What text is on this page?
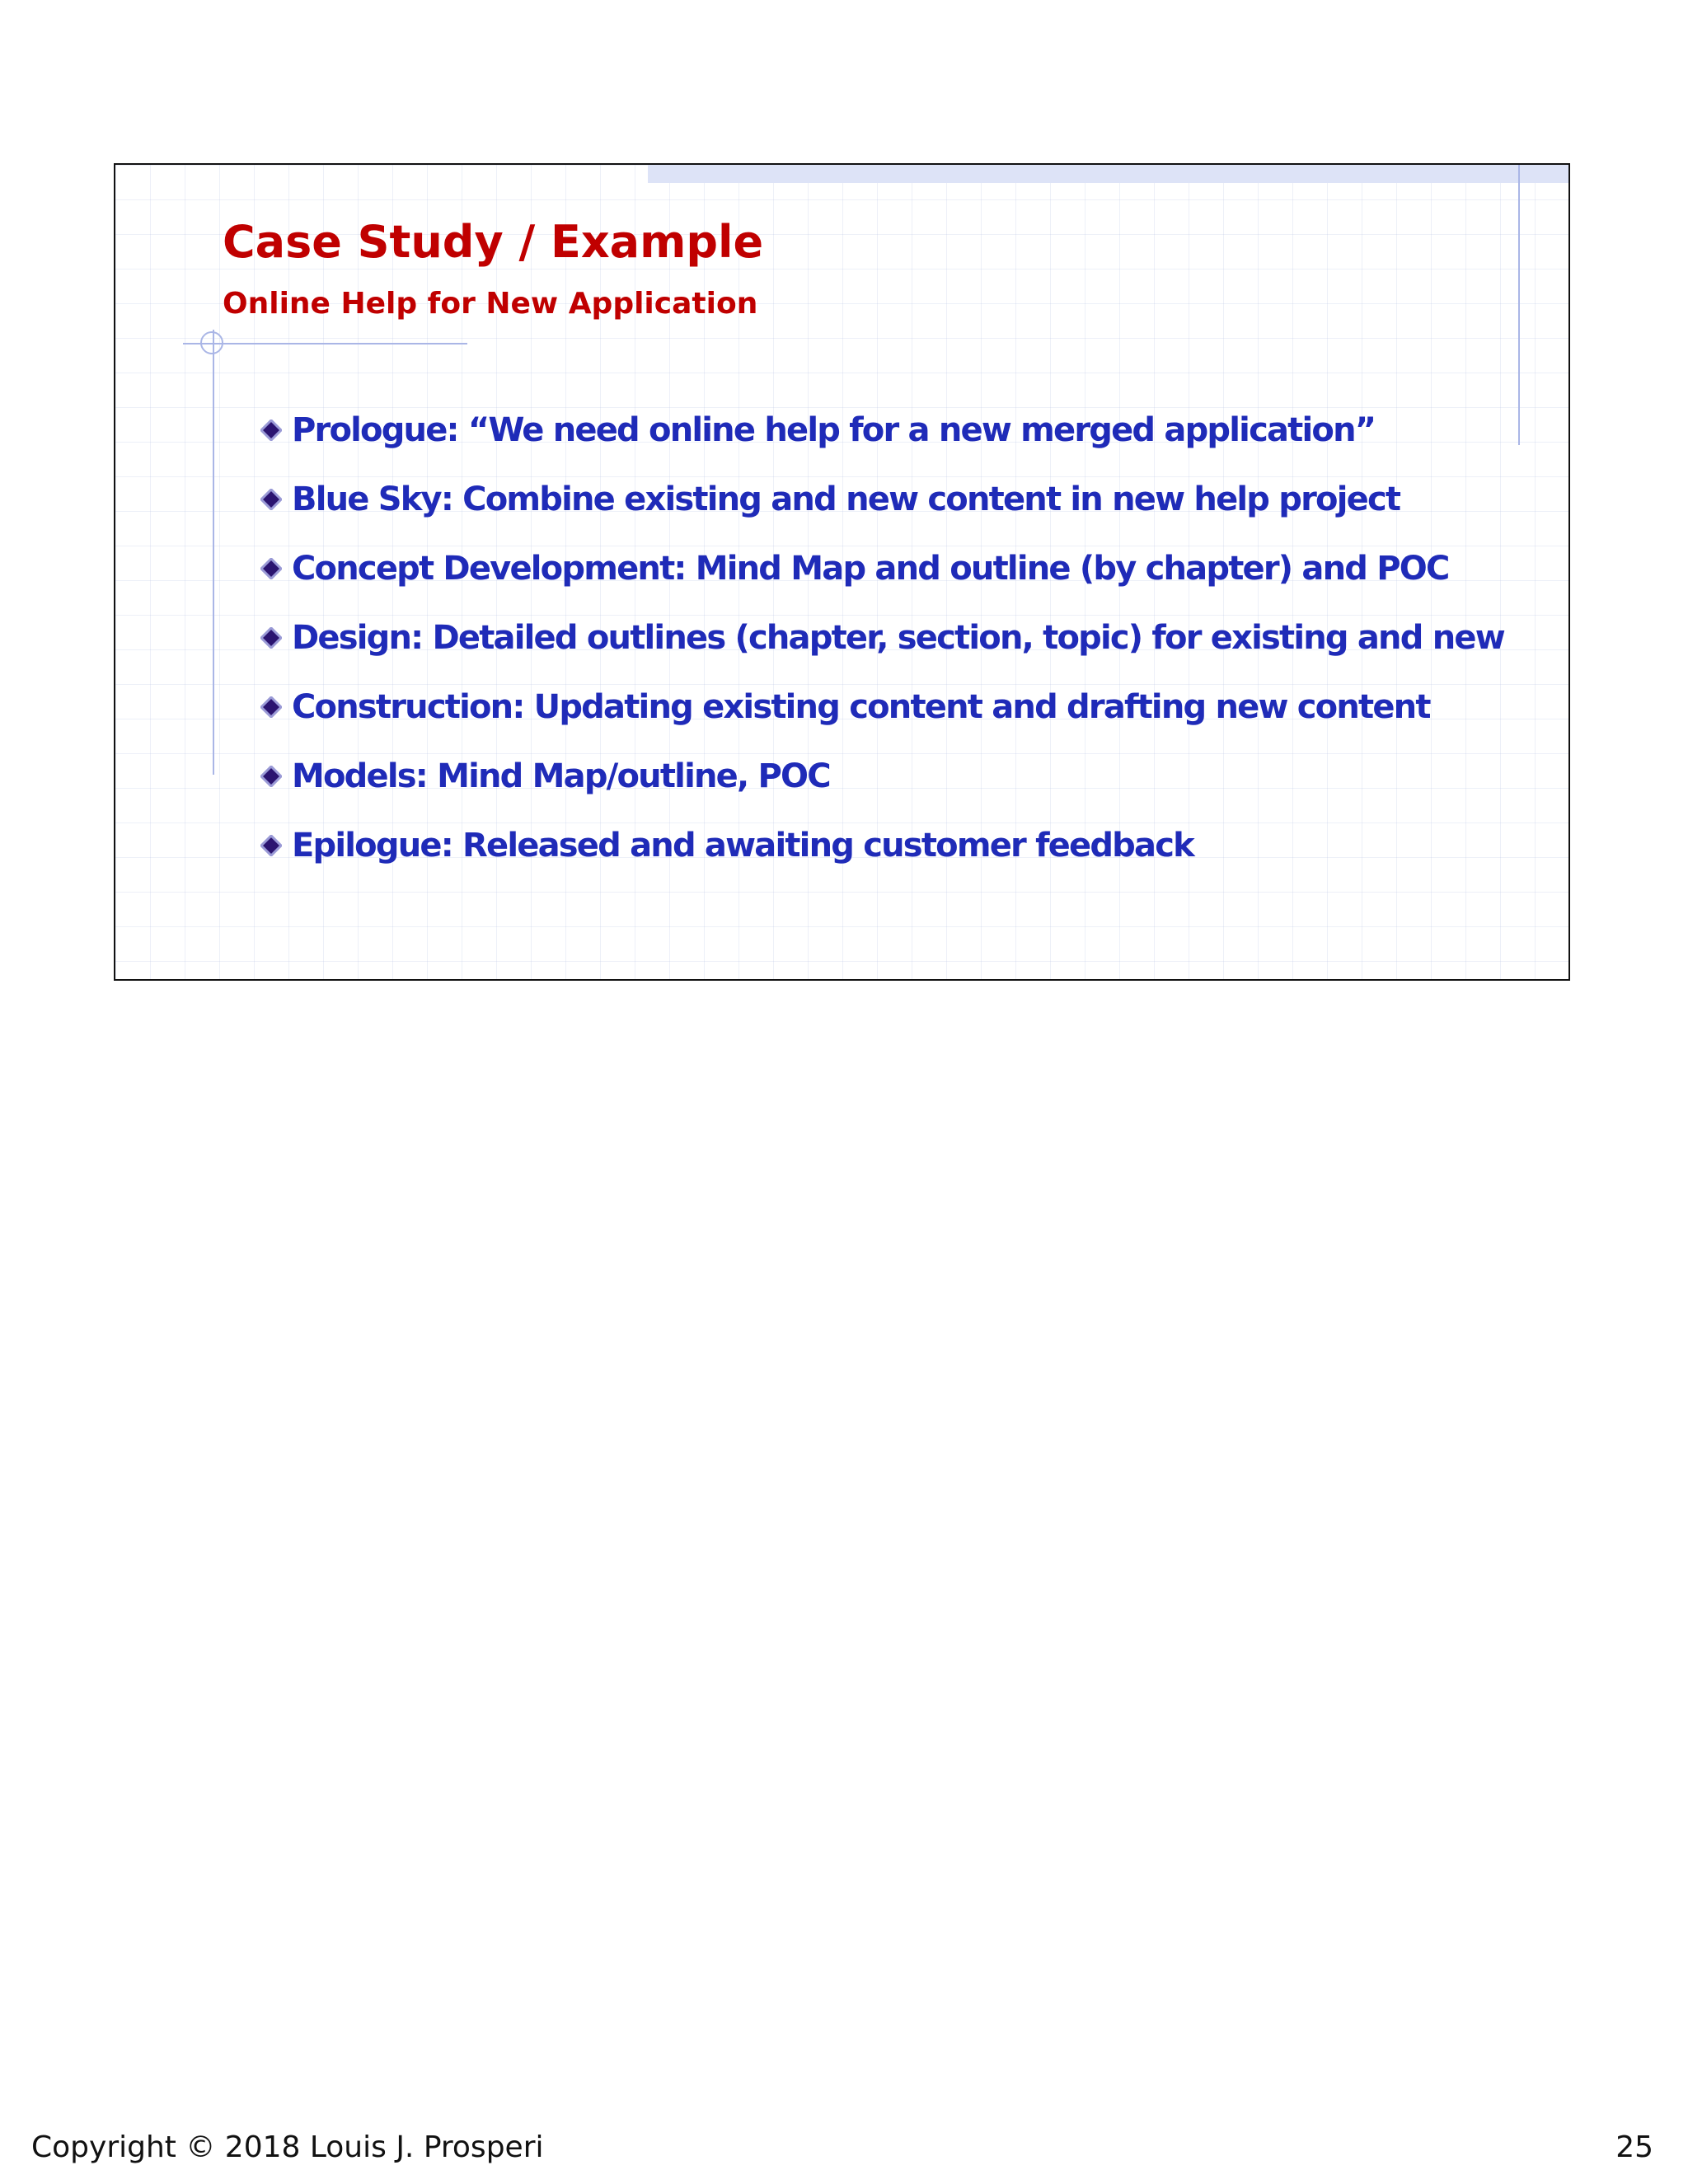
Case Study / Example
Online Help for New Application
Prologue: “We need online help for a new merged application”
Blue Sky: Combine existing and new content in new help project
Concept Development: Mind Map and outline (by chapter) and POC
Design: Detailed outlines (chapter, section, topic) for existing and new
Construction: Updating existing content and drafting new content
Models: Mind Map/outline, POC
Epilogue: Released and awaiting customer feedback
Copyright © 2018 Louis J. Prosperi	25
